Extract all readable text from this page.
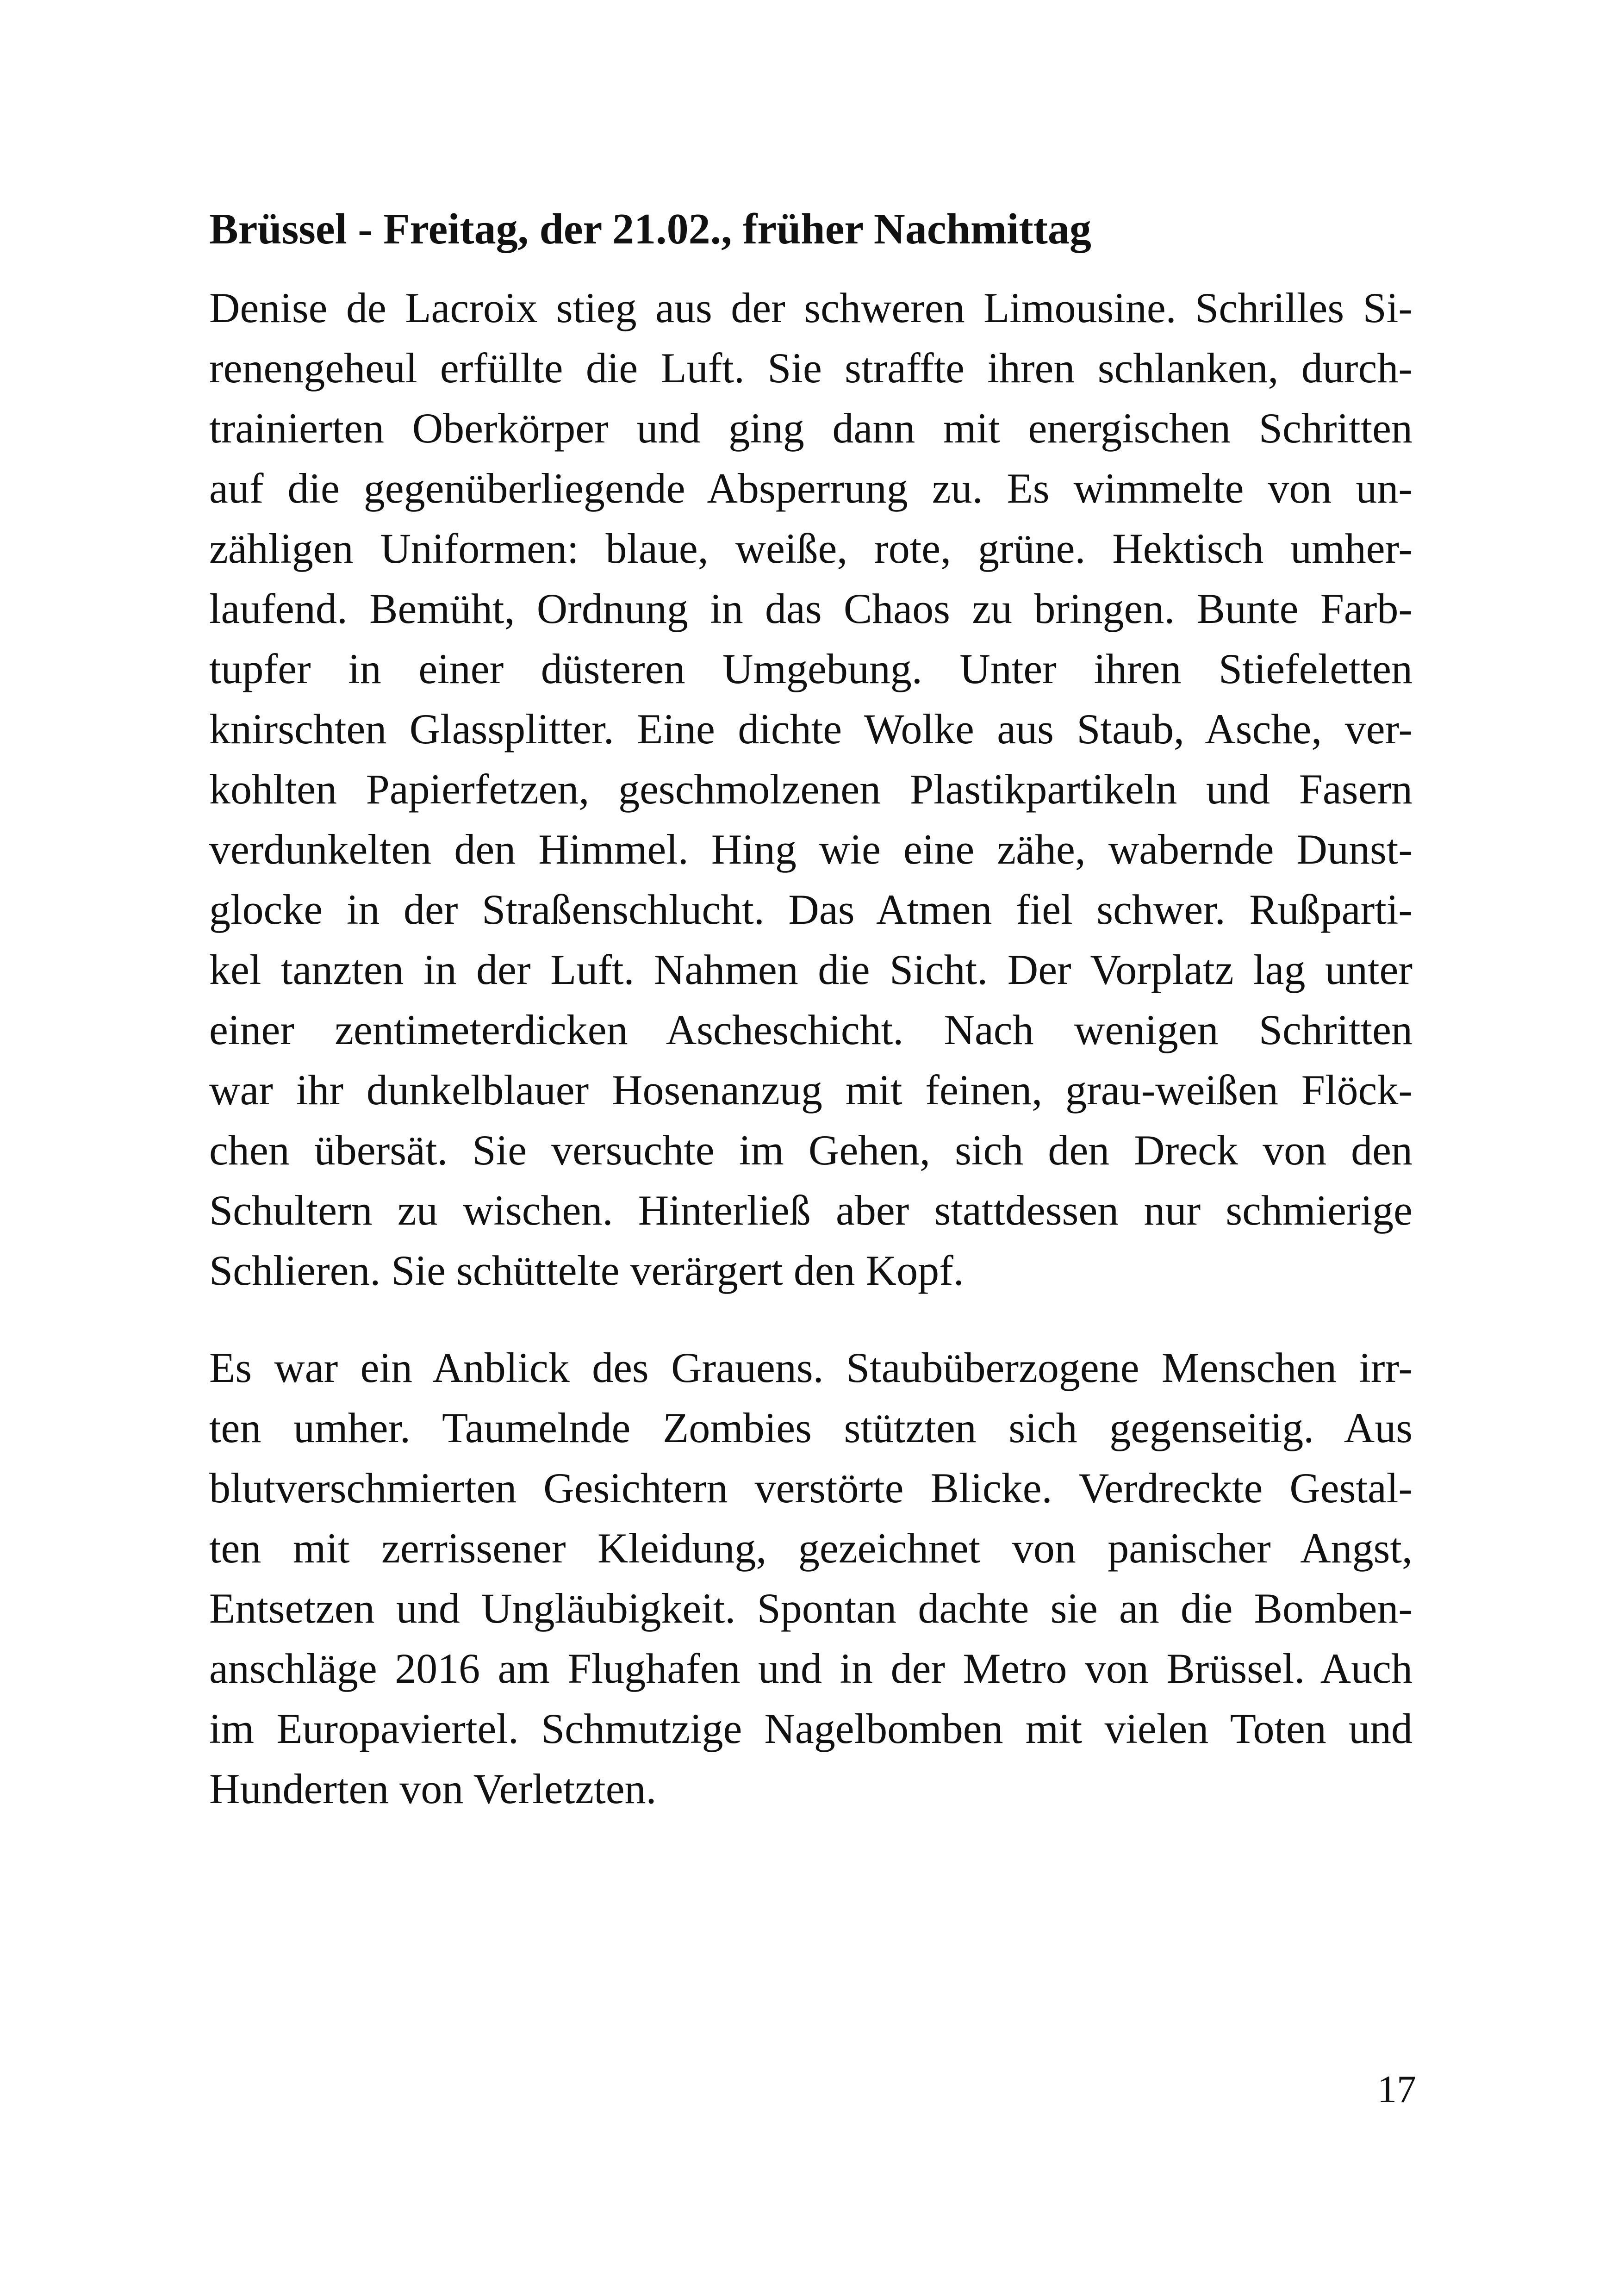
Brüssel - Freitag, der 21.02., früher Nachmittag
Denise de Lacroix stieg aus der schweren Limousine. Schrilles Si-
renengeheul erfüllte die Luft. Sie straffte ihren schlanken, durch-
trainierten Oberkörper und ging dann mit energischen Schritten
auf die gegenüberliegende Absperrung zu. Es wimmelte von un-
zähligen Uniformen: blaue, weiße, rote, grüne. Hektisch umher-
laufend. Bemüht, Ordnung in das Chaos zu bringen. Bunte Farb-
tupfer in einer düsteren Umgebung. Unter ihren Stiefeletten
knirschten Glassplitter. Eine dichte Wolke aus Staub, Asche, ver-
kohlten Papierfetzen, geschmolzenen Plastikpartikeln und Fasern
verdunkelten den Himmel. Hing wie eine zähe, wabernde Dunst-
glocke in der Straßenschlucht. Das Atmen fiel schwer. Rußparti-
kel tanzten in der Luft. Nahmen die Sicht. Der Vorplatz lag unter
einer zentimeterdicken Ascheschicht. Nach wenigen Schritten
war ihr dunkelblauer Hosenanzug mit feinen, grau-weißen Flöck-
chen übersät. Sie versuchte im Gehen, sich den Dreck von den
Schultern zu wischen. Hinterließ aber stattdessen nur schmierige
Schlieren. Sie schüttelte verärgert den Kopf.
Es war ein Anblick des Grauens. Staubüberzogene Menschen irr-
ten umher. Taumelnde Zombies stützten sich gegenseitig. Aus
blutverschmierten Gesichtern verstörte Blicke. Verdreckte Gestal-
ten mit zerrissener Kleidung, gezeichnet von panischer Angst,
Entsetzen und Ungläubigkeit. Spontan dachte sie an die Bomben-
anschläge 2016 am Flughafen und in der Metro von Brüssel. Auch
im Europaviertel. Schmutzige Nagelbomben mit vielen Toten und
Hunderten von Verletzten.
17
